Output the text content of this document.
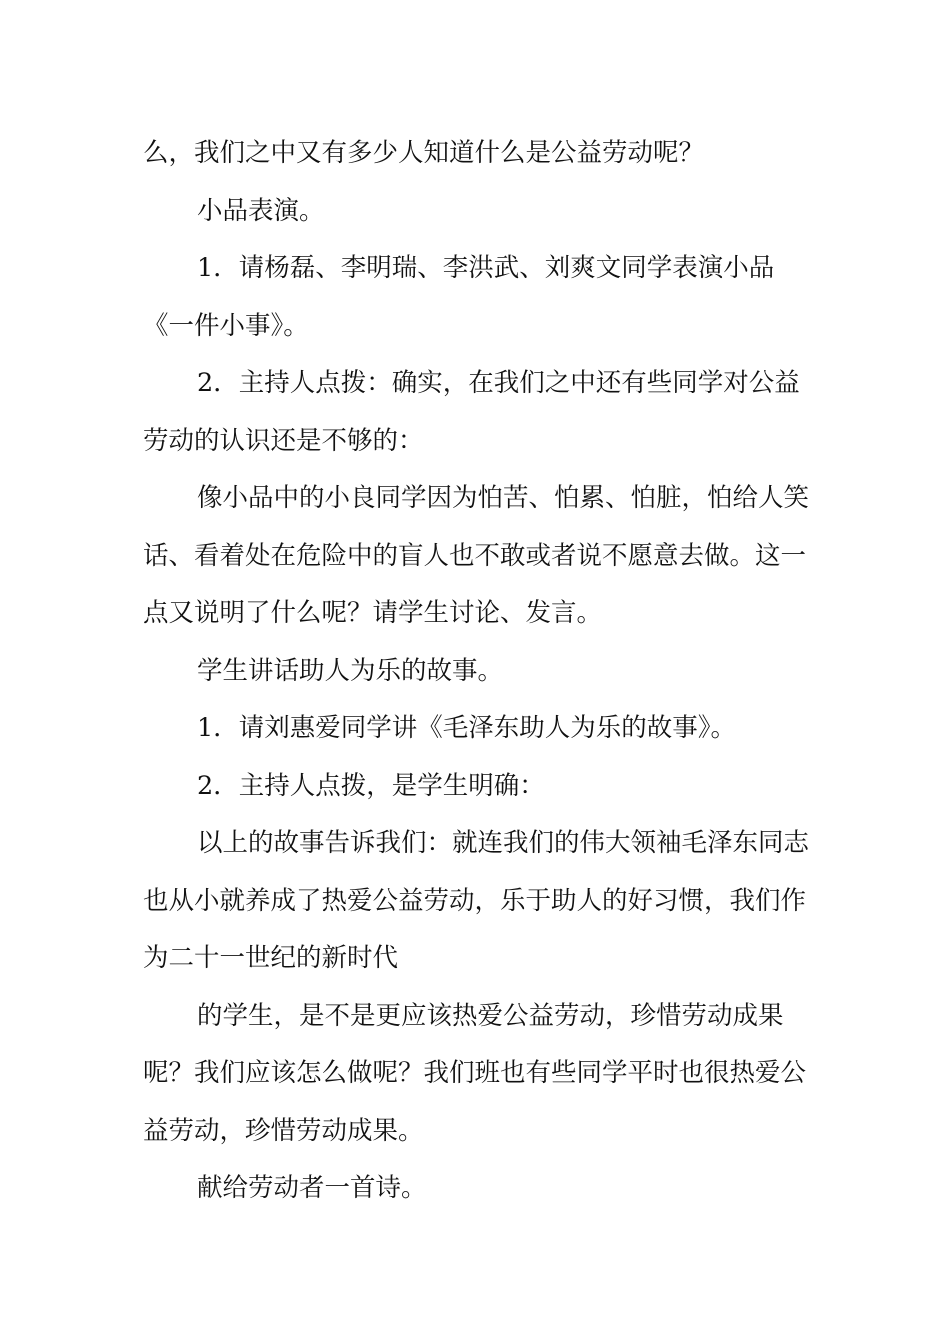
么，我们之中又有多少人知道什么是公益劳动呢？

小品表演。

1．请杨磊、李明瑞、李洪武、刘爽文同学表演小品《一件小事》。

2．主持人点拨：确实，在我们之中还有些同学对公益劳动的认识还是不够的：

像小品中的小良同学因为怕苦、怕累、怕脏，怕给人笑话、看着处在危险中的盲人也不敢或者说不愿意去做。这一点又说明了什么呢？请学生讨论、发言。

学生讲话助人为乐的故事。

1．请刘惠爱同学讲《毛泽东助人为乐的故事》。

2．主持人点拨，是学生明确：

以上的故事告诉我们：就连我们的伟大领袖毛泽东同志也从小就养成了热爱公益劳动，乐于助人的好习惯，我们作为二十一世纪的新时代

的学生，是不是更应该热爱公益劳动，珍惜劳动成果呢？我们应该怎么做呢？我们班也有些同学平时也很热爱公益劳动，珍惜劳动成果。

献给劳动者一首诗。
